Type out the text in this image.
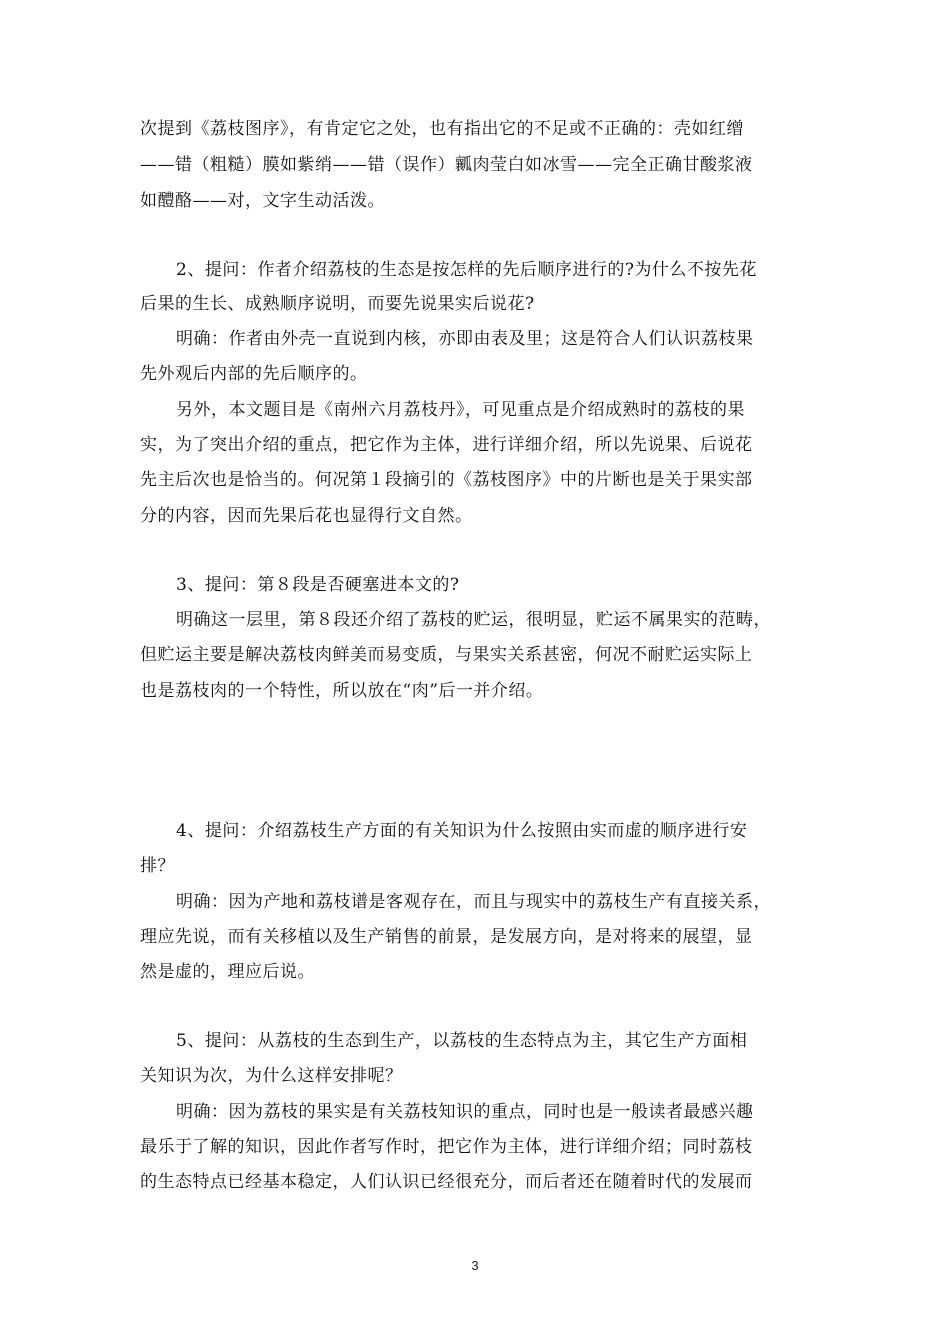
次提到《荔枝图序》，有肯定它之处，也有指出它的不足或不正确的：壳如红缯
——错（粗糙）膜如紫绡——错（误作）瓤肉莹白如冰雪——完全正确甘酸浆液
如醴酪——对，文字生动活泼。
2、提问：作者介绍荔枝的生态是按怎样的先后顺序进行的?为什么不按先花
后果的生长、成熟顺序说明，而要先说果实后说花?
明确：作者由外壳一直说到内核，亦即由表及里；这是符合人们认识荔枝果
先外观后内部的先后顺序的。
另外，本文题目是《南州六月荔枝丹》，可见重点是介绍成熟时的荔枝的果
实，为了突出介绍的重点，把它作为主体，进行详细介绍，所以先说果、后说花
先主后次也是恰当的。何况第１段摘引的《荔枝图序》中的片断也是关于果实部
分的内容，因而先果后花也显得行文自然。
3、提问：第８段是否硬塞进本文的?
明确这一层里，第８段还介绍了荔枝的贮运，很明显，贮运不属果实的范畴，
但贮运主要是解决荔枝肉鲜美而易变质，与果实关系甚密，何况不耐贮运实际上
也是荔枝肉的一个特性，所以放在“肉”后一并介绍。
4、提问：介绍荔枝生产方面的有关知识为什么按照由实而虚的顺序进行安
排？
明确：因为产地和荔枝谱是客观存在，而且与现实中的荔枝生产有直接关系，
理应先说，而有关移植以及生产销售的前景，是发展方向，是对将来的展望，显
然是虚的，理应后说。
5、提问：从荔枝的生态到生产，以荔枝的生态特点为主，其它生产方面相
关知识为次，为什么这样安排呢？
明确：因为荔枝的果实是有关荔枝知识的重点，同时也是一般读者最感兴趣
最乐于了解的知识，因此作者写作时，把它作为主体，进行详细介绍；同时荔枝
的生态特点已经基本稳定，人们认识已经很充分，而后者还在随着时代的发展而
3
